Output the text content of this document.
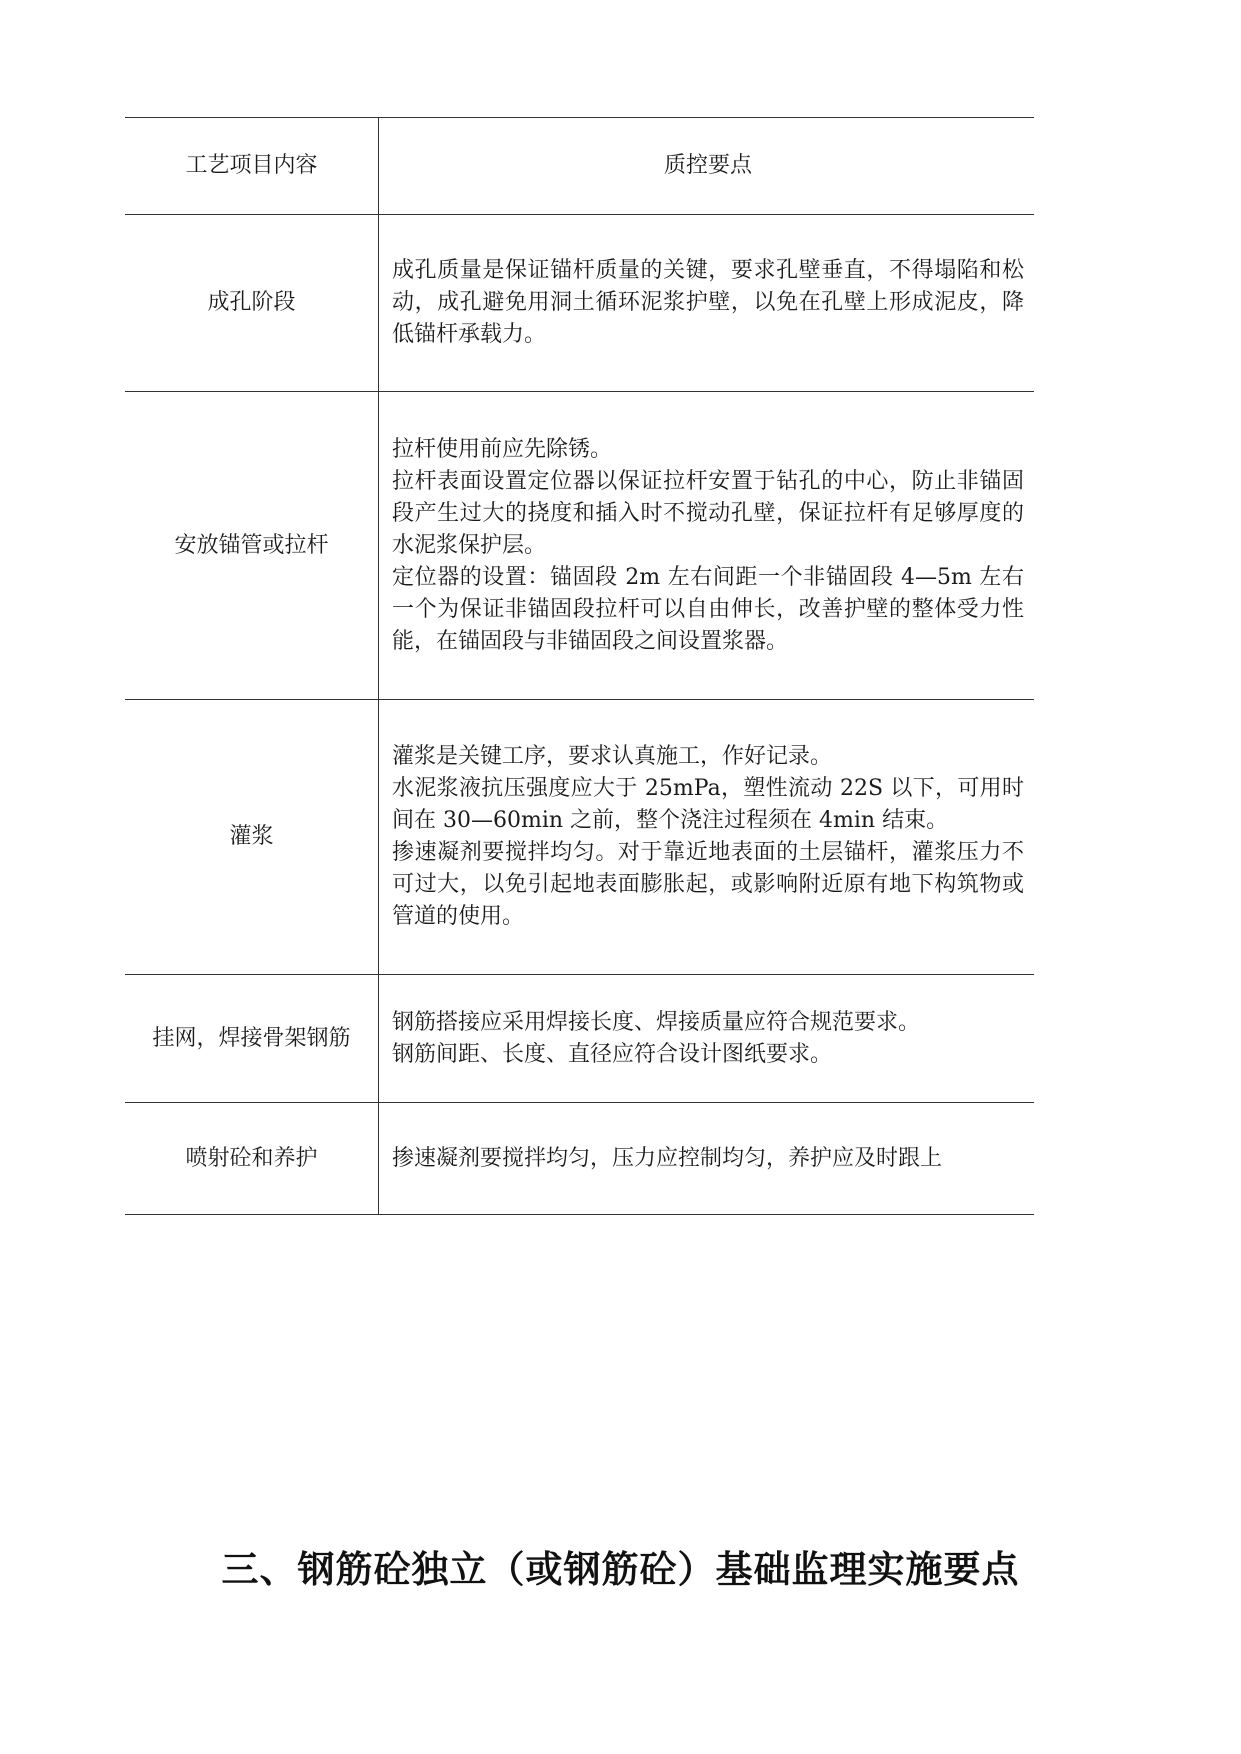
工艺项目内容	质控要点
成孔阶段	成孔质量是保证锚杆质量的关键，要求孔壁垂直，不得塌陷和松动，成孔避免用洞土循环泥浆护壁，以免在孔壁上形成泥皮，降低锚杆承载力。

安放锚管或拉杆	拉杆使用前应先除锈。
拉杆表面设置定位器以保证拉杆安置于钻孔的中心，防止非锚固段产生过大的挠度和插入时不搅动孔壁，保证拉杆有足够厚度的水泥浆保护层。
定位器的设置：锚固段 2m 左右间距一个非锚固段 4—5m 左右一个为保证非锚固段拉杆可以自由伸长，改善护壁的整体受力性能，在锚固段与非锚固段之间设置浆器。

灌浆	灌浆是关键工序，要求认真施工，作好记录。
水泥浆液抗压强度应大于 25mPa，塑性流动 22S 以下，可用时间在 30—60min 之前，整个浇注过程须在 4min 结束。
掺速凝剂要搅拌均匀。对于靠近地表面的土层锚杆，灌浆压力不可过大，以免引起地表面膨胀起，或影响附近原有地下构筑物或管道的使用。

挂网，焊接骨架钢筋	钢筋搭接应采用焊接长度、焊接质量应符合规范要求。
钢筋间距、长度、直径应符合设计图纸要求。

喷射砼和养护	掺速凝剂要搅拌均匀，压力应控制均匀，养护应及时跟上
三、钢筋砼独立（或钢筋砼）基础监理实施要点
